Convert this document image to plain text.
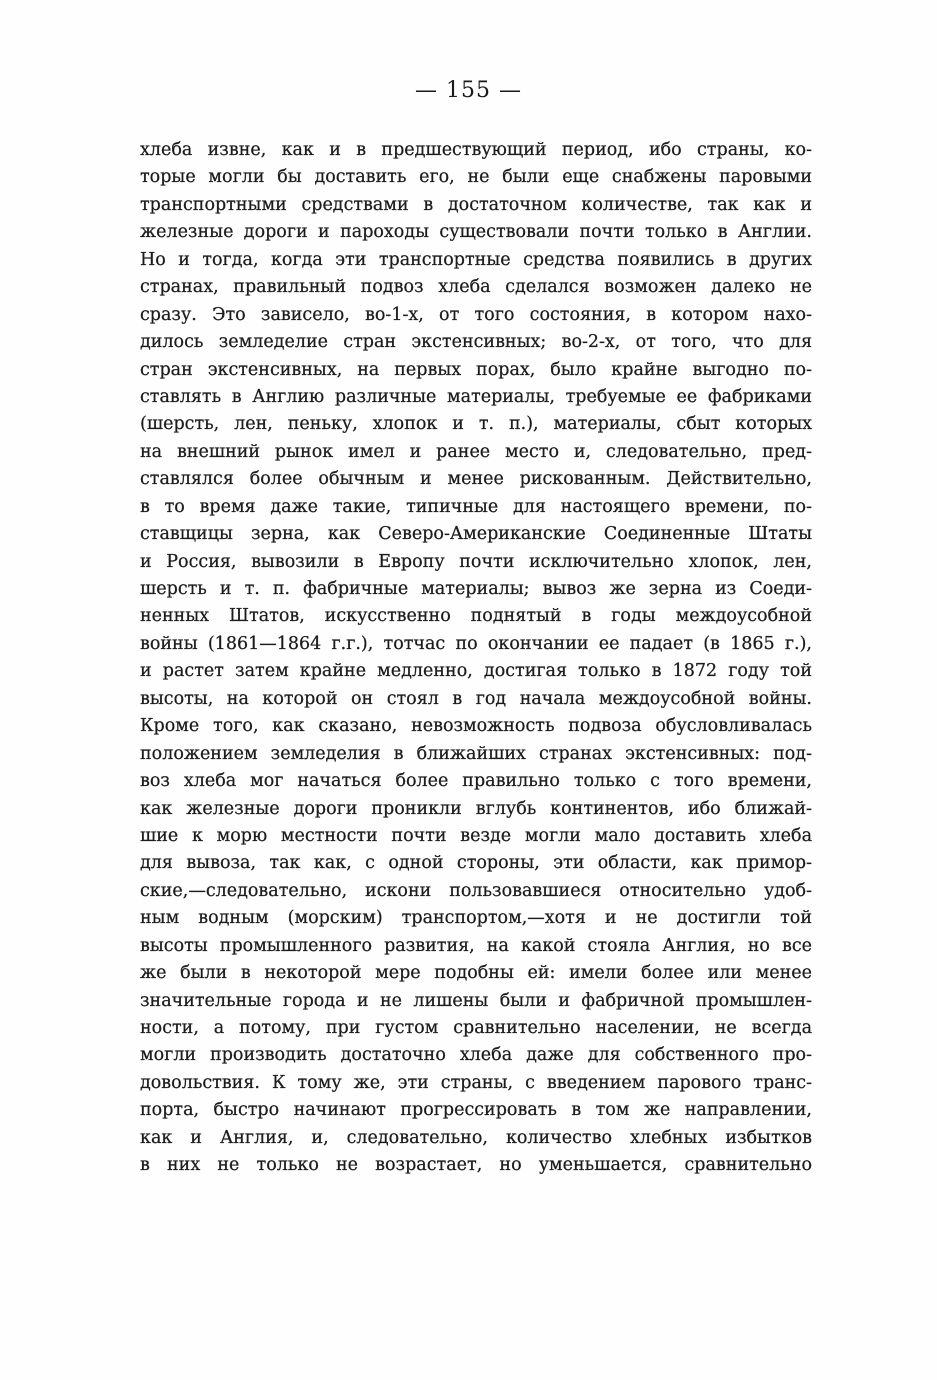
— 155 —
хлеба извне, как и в предшествующий период, ибо страны, ко-
торые могли бы доставить его, не были еще снабжены паровыми
транспортными средствами в достаточном количестве, так как и
железные дороги и пароходы существовали почти только в Англии.
Но и тогда, когда эти транспортные средства появились в других
странах, правильный подвоз хлеба сделался возможен далеко не
сразу. Это зависело, во-1-х, от того состояния, в котором нахо-
дилось земледелие стран экстенсивных; во-2-х, от того, что для
стран экстенсивных, на первых порах, было крайне выгодно по-
ставлять в Англию различные материалы, требуемые ее фабриками
(шерсть, лен, пеньку, хлопок и т. п.), материалы, сбыт которых
на внешний рынок имел и ранее место и, следовательно, пред-
ставлялся более обычным и менее рискованным. Действительно,
в то время даже такие, типичные для настоящего времени, по-
ставщицы зерна, как Северо-Американские Соединенные Штаты
и Россия, вывозили в Европу почти исключительно хлопок, лен,
шерсть и т. п. фабричные материалы; вывоз же зерна из Соеди-
ненных Штатов, искусственно поднятый в годы междоусобной
войны (1861—1864 г.г.), тотчас по окончании ее падает (в 1865 г.),
и растет затем крайне медленно, достигая только в 1872 году той
высоты, на которой он стоял в год начала междоусобной войны.
Кроме того, как сказано, невозможность подвоза обусловливалась
положением земледелия в ближайших странах экстенсивных: под-
воз хлеба мог начаться более правильно только с того времени,
как железные дороги проникли вглубь континентов, ибо ближай-
шие к морю местности почти везде могли мало доставить хлеба
для вывоза, так как, с одной стороны, эти области, как примор-
ские,—следовательно, искони пользовавшиеся относительно удоб-
ным водным (морским) транспортом,—хотя и не достигли той
высоты промышленного развития, на какой стояла Англия, но все
же были в некоторой мере подобны ей: имели более или менее
значительные города и не лишены были и фабричной промышлен-
ности, а потому, при густом сравнительно населении, не всегда
могли производить достаточно хлеба даже для собственного про-
довольствия. К тому же, эти страны, с введением парового транс-
порта, быстро начинают прогрессировать в том же направлении,
как и Англия, и, следовательно, количество хлебных избытков
в них не только не возрастает, но уменьшается, сравнительно
